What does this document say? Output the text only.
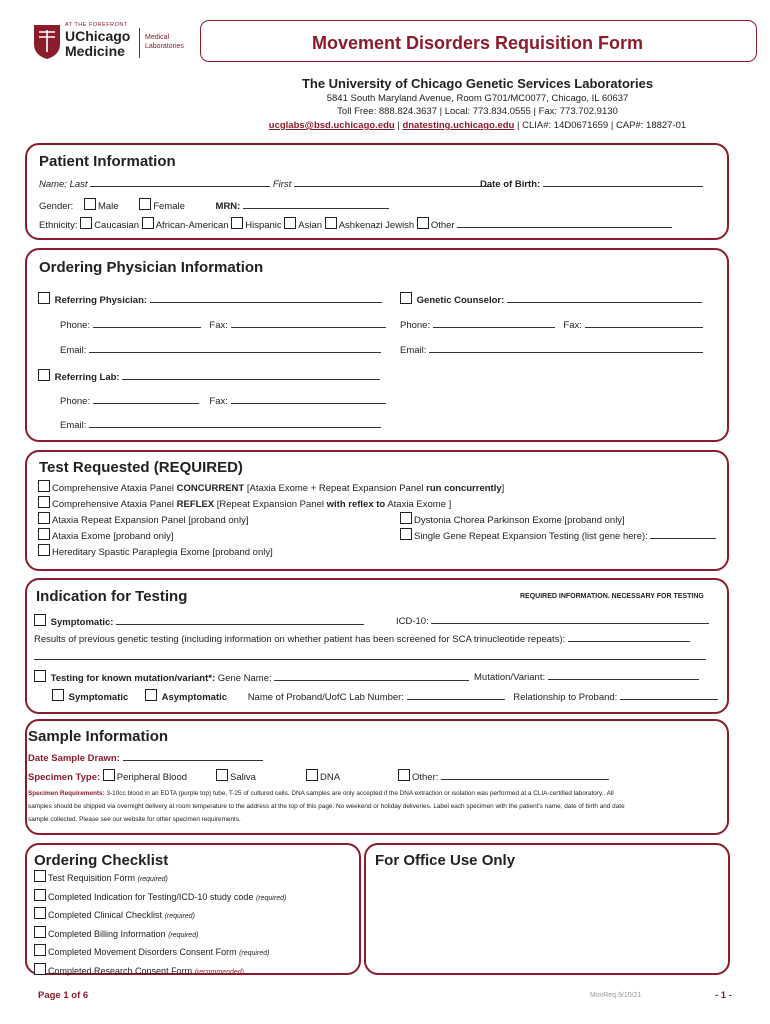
AT THE FOREFRONT
UChicago
Medicine
Medical
Laboratories	Movement Disorders Requisition Form
The University of Chicago Genetic Services Laboratories
5841 South Maryland Avenue, Room G701/MC0077, Chicago, IL 60637
Toll Free: 888.824.3637 | Local: 773.834.0555 | Fax: 773.702.9130
ucglabs@bsd.uchicago.edu | dnatesting.uchicago.edu | CLIA#: 14D0671659 | CAP#: 18827-01
Patient Information
Name: Last	First	Date of Birth:
Gender:	Male	Female	MRN:
Ethnicity: Caucasian African-American Hispanic Asian Ashkenazi Jewish Other
Ordering Physician Information
Referring Physician:	Genetic Counselor:
Phone:	Fax:	Phone:	Fax:
Email:	Email:
Referring Lab:
Phone:	Fax:
Email:
Test Requested (REQUIRED)
Comprehensive Ataxia Panel CONCURRENT [Ataxia Exome + Repeat Expansion Panel run concurrently]
Comprehensive Ataxia Panel REFLEX [Repeat Expansion Panel with reflex to Ataxia Exome ]
Ataxia Repeat Expansion Panel [proband only]
Ataxia Exome [proband only]
Hereditary Spastic Paraplegia Exome [proband only]
Dystonia Chorea Parkinson Exome [proband only]
Single Gene Repeat Expansion Testing (list gene here):
Indication for Testing	REQUIRED INFORMATION. NECESSARY FOR TESTING
Symptomatic:	ICD-10:
Results of previous genetic testing (including information on whether patient has been screened for SCA trinucleotide repeats):
Testing for known mutation/variant*: Gene Name:	Mutation/Variant:
Symptomatic	Asymptomatic Name of Proband/UofC Lab Number:	Relationship to Proband:
Sample Information
Date Sample Drawn:
Specimen Type: Peripheral Blood	Saliva	DNA	Other:
Specimen Requirements: 3-10cc blood in an EDTA (purple top) tube, T-25 of cultured cells. DNA samples are only accepted if the DNA extraction or isolation was performed at a CLIA-certified laboratory.. All
samples should be shipped via overnight delivery at room temperature to the address at the top of this page. No weekend or holiday deliveries. Label each specimen with the patient's name, date of birth and date
sample collected. Please see our website for other specimen requirements.
Ordering Checklist
Test Requisition Form (required)
Completed Indication for Testing/ICD-10 study code (required)
Completed Clinical Checklist (required)
Completed Billing Information (required)
Completed Movement Disorders Consent Form (required)
Completed Research Consent Form (recommended)
For Office Use Only
Page 1 of 6	MovReq 9/10/21	- 1 -
